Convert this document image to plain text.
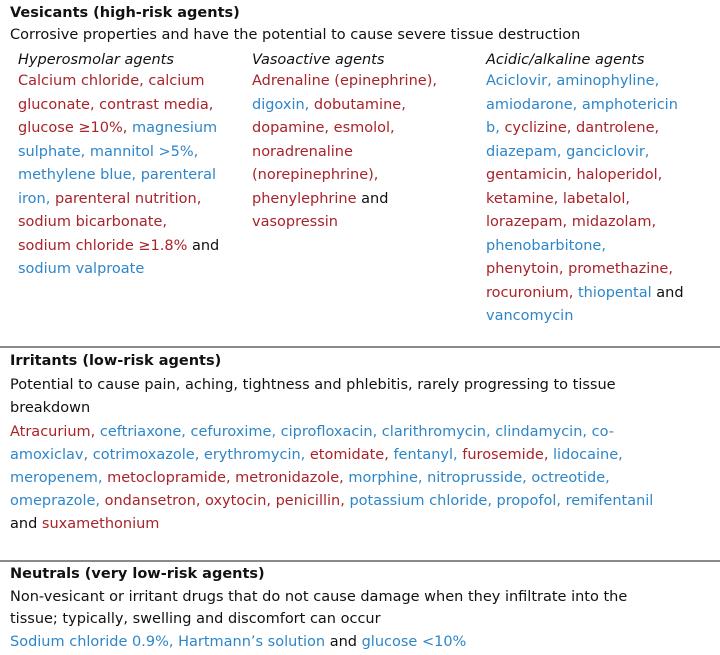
Vesicants (high-risk agents)
Corrosive properties and have the potential to cause severe tissue destruction
Hyperosmolar agents
Calcium chloride, calcium
gluconate, contrast media,
glucose ≥10%, magnesium
sulphate, mannitol >5%,
methylene blue, parenteral
iron, parenteral nutrition,
sodium bicarbonate,
sodium chloride ≥1.8% and
sodium valproate
Vasoactive agents
Adrenaline (epinephrine),
digoxin, dobutamine,
dopamine, esmolol,
noradrenaline
(norepinephrine),
phenylephrine and
vasopressin
Acidic/alkaline agents
Aciclovir, aminophyline,
amiodarone, amphotericin
b, cyclizine, dantrolene,
diazepam, ganciclovir,
gentamicin, haloperidol,
ketamine, labetalol,
lorazepam, midazolam,
phenobarbitone,
phenytoin, promethazine,
rocuronium, thiopental and
vancomycin
Irritants (low-risk agents)
Potential to cause pain, aching, tightness and phlebitis, rarely progressing to tissue
breakdown
Atracurium, ceftriaxone, cefuroxime, ciprofloxacin, clarithromycin, clindamycin, co-
amoxiclav, cotrimoxazole, erythromycin, etomidate, fentanyl, furosemide, lidocaine,
meropenem, metoclopramide, metronidazole, morphine, nitroprusside, octreotide,
omeprazole, ondansetron, oxytocin, penicillin, potassium chloride, propofol, remifentanil
and suxamethonium
Neutrals (very low-risk agents)
Non-vesicant or irritant drugs that do not cause damage when they infiltrate into the
tissue; typically, swelling and discomfort can occur
Sodium chloride 0.9%, Hartmann’s solution and glucose <10%
